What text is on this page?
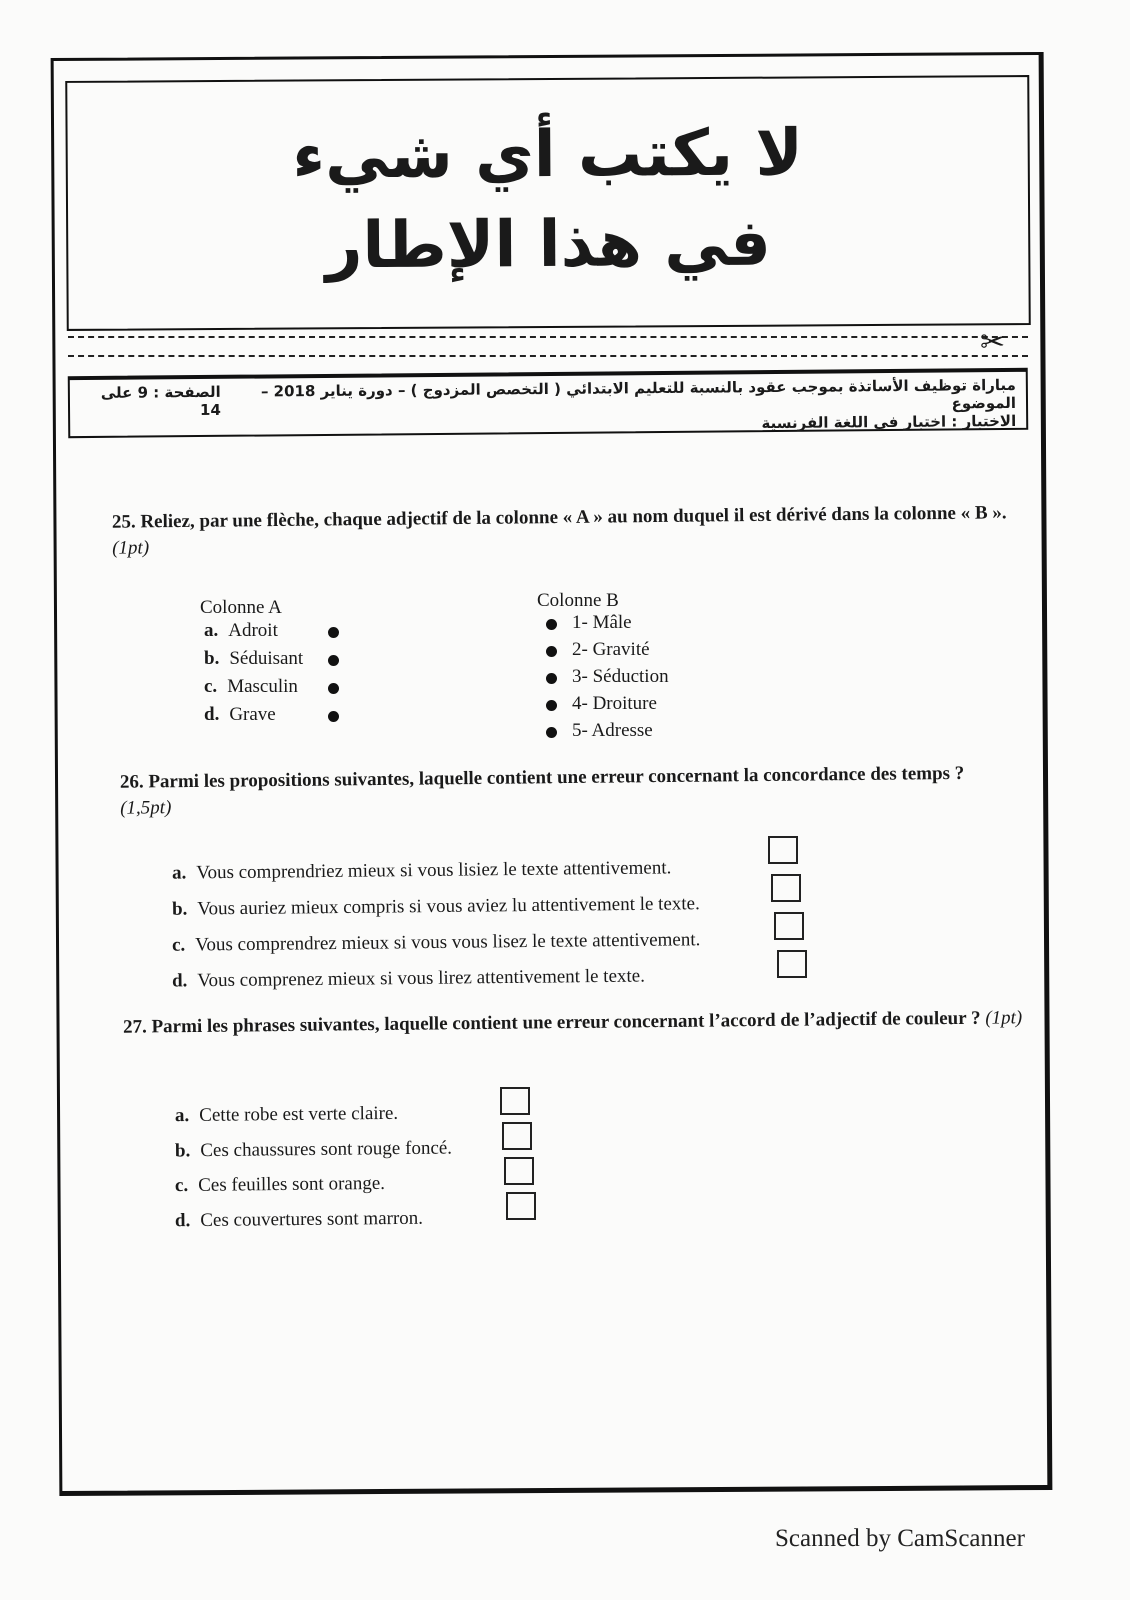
لا يكتب أي شيء
في هذا الإطار
✂
مباراة توظيف الأساتذة بموجب عقود بالنسبة للتعليم الابتدائي ( التخصص المزدوج ) – دورة يناير 2018 – الموضوع
الصفحة : 9 على 14
الاختبار : اختبار في اللغة الفرنسية
25. Reliez, par une flèche, chaque adjectif de la colonne « A » au nom duquel il est dérivé dans la colonne « B ». (1pt)
Colonne A	Colonne B
26. Parmi les propositions suivantes, laquelle contient une erreur concernant la concordance des temps ? (1,5pt)
27. Parmi les phrases suivantes, laquelle contient une erreur concernant l’accord de l’adjectif de couleur ? (1pt)
Scanned by CamScanner
a. Adroit
b. Séduisant
c. Masculin
d. Grave
1- Mâle
2- Gravité
3- Séduction
4- Droiture
5- Adresse
a. Vous comprendriez mieux si vous lisiez le texte attentivement.
b. Vous auriez mieux compris si vous aviez lu attentivement le texte.
c. Vous comprendrez mieux si vous vous lisez le texte attentivement.
d. Vous comprenez mieux si vous lirez attentivement le texte.
a. Cette robe est verte claire.
b. Ces chaussures sont rouge foncé.
c. Ces feuilles sont orange.
d. Ces couvertures sont marron.
